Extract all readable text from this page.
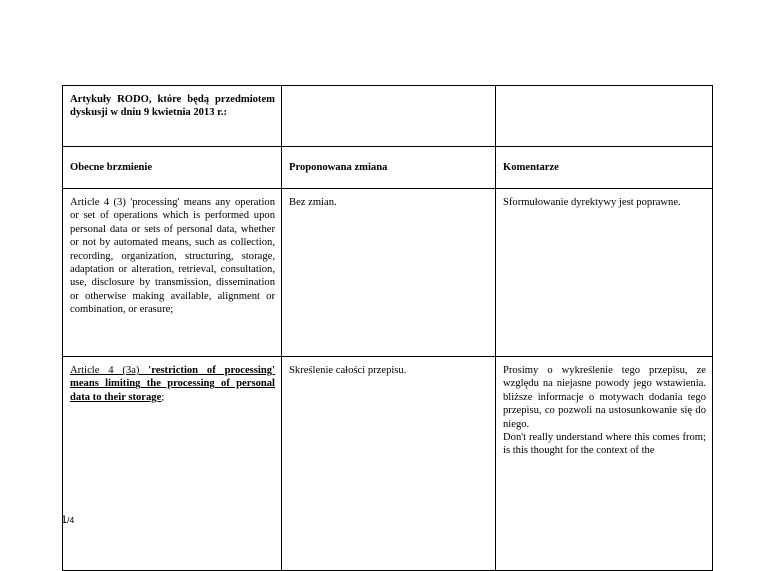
Artykuły RODO, które będą przedmiotem dyskusji w dniu 9 kwietnia 2013 r.:		

Obecne brzmienie	Proponowana zmiana	Komentarze

Article 4 (3) 'processing' means any operation or set of operations which is performed upon personal data or sets of personal data, whether or not by automated means, such as collection, recording, organization, structuring, storage, adaptation or alteration, retrieval, consultation, use, disclosure by transmission, dissemination or otherwise making available, alignment or combination, or erasure;	Bez zmian.	Sformułowanie dyrektywy jest poprawne.

Article 4 (3a) 'restriction of processing' means limiting the processing of personal data to their storage;	Skreślenie całości przepisu.	Prosimy o wykreślenie tego przepisu, ze względu na niejasne powody jego wstawienia. bliższe informacje o motywach dodania tego przepisu, co pozwoli na ustosunkowanie się do niego.
Don't really understand where this comes from; is this thought for the context of the
1/4
